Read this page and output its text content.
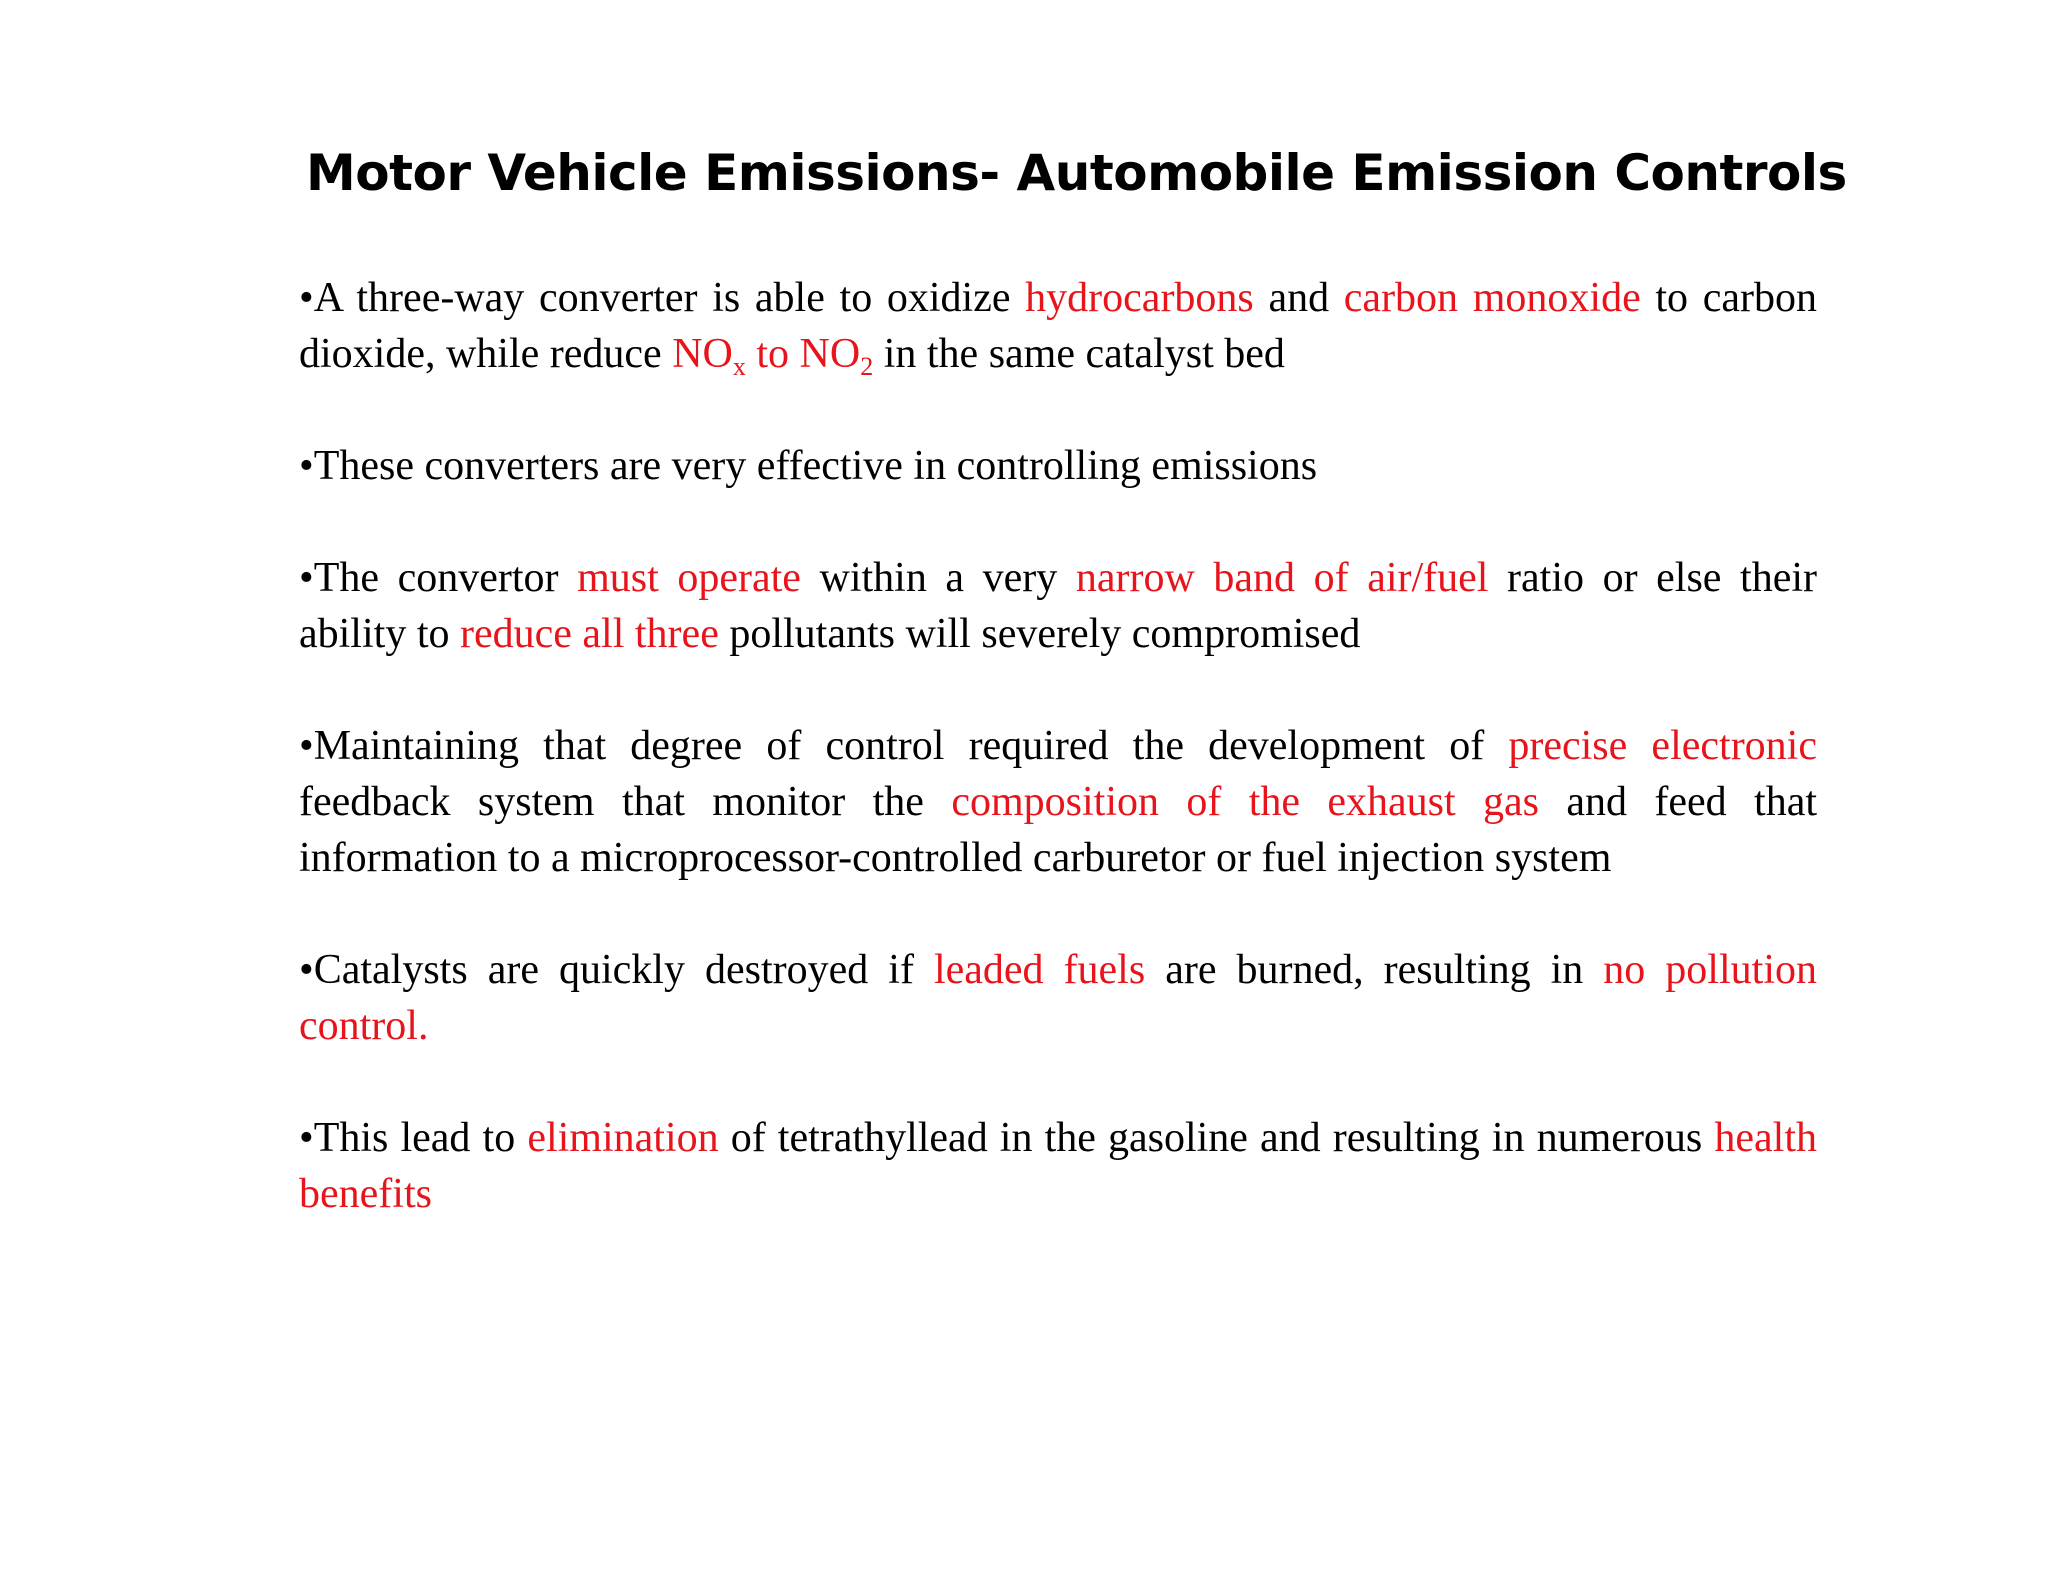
Motor Vehicle Emissions- Automobile Emission Controls

•A three-way converter is able to oxidize hydrocarbons and carbon monoxide to carbon dioxide, while reduce $NO_x$ to $NO_2$ in the same catalyst bed

•These converters are very effective in controlling emissions

•The convertor must operate within a very narrow band of air/fuel ratio or else their ability to reduce all three pollutants will severely compromised

•Maintaining that degree of control required the development of precise electronic feedback system that monitor the composition of the exhaust gas and feed that information to a microprocessor-controlled carburetor or fuel injection system

•Catalysts are quickly destroyed if leaded fuels are burned, resulting in no pollution control.

•This lead to elimination of tetrathyllead in the gasoline and resulting in numerous health benefits
